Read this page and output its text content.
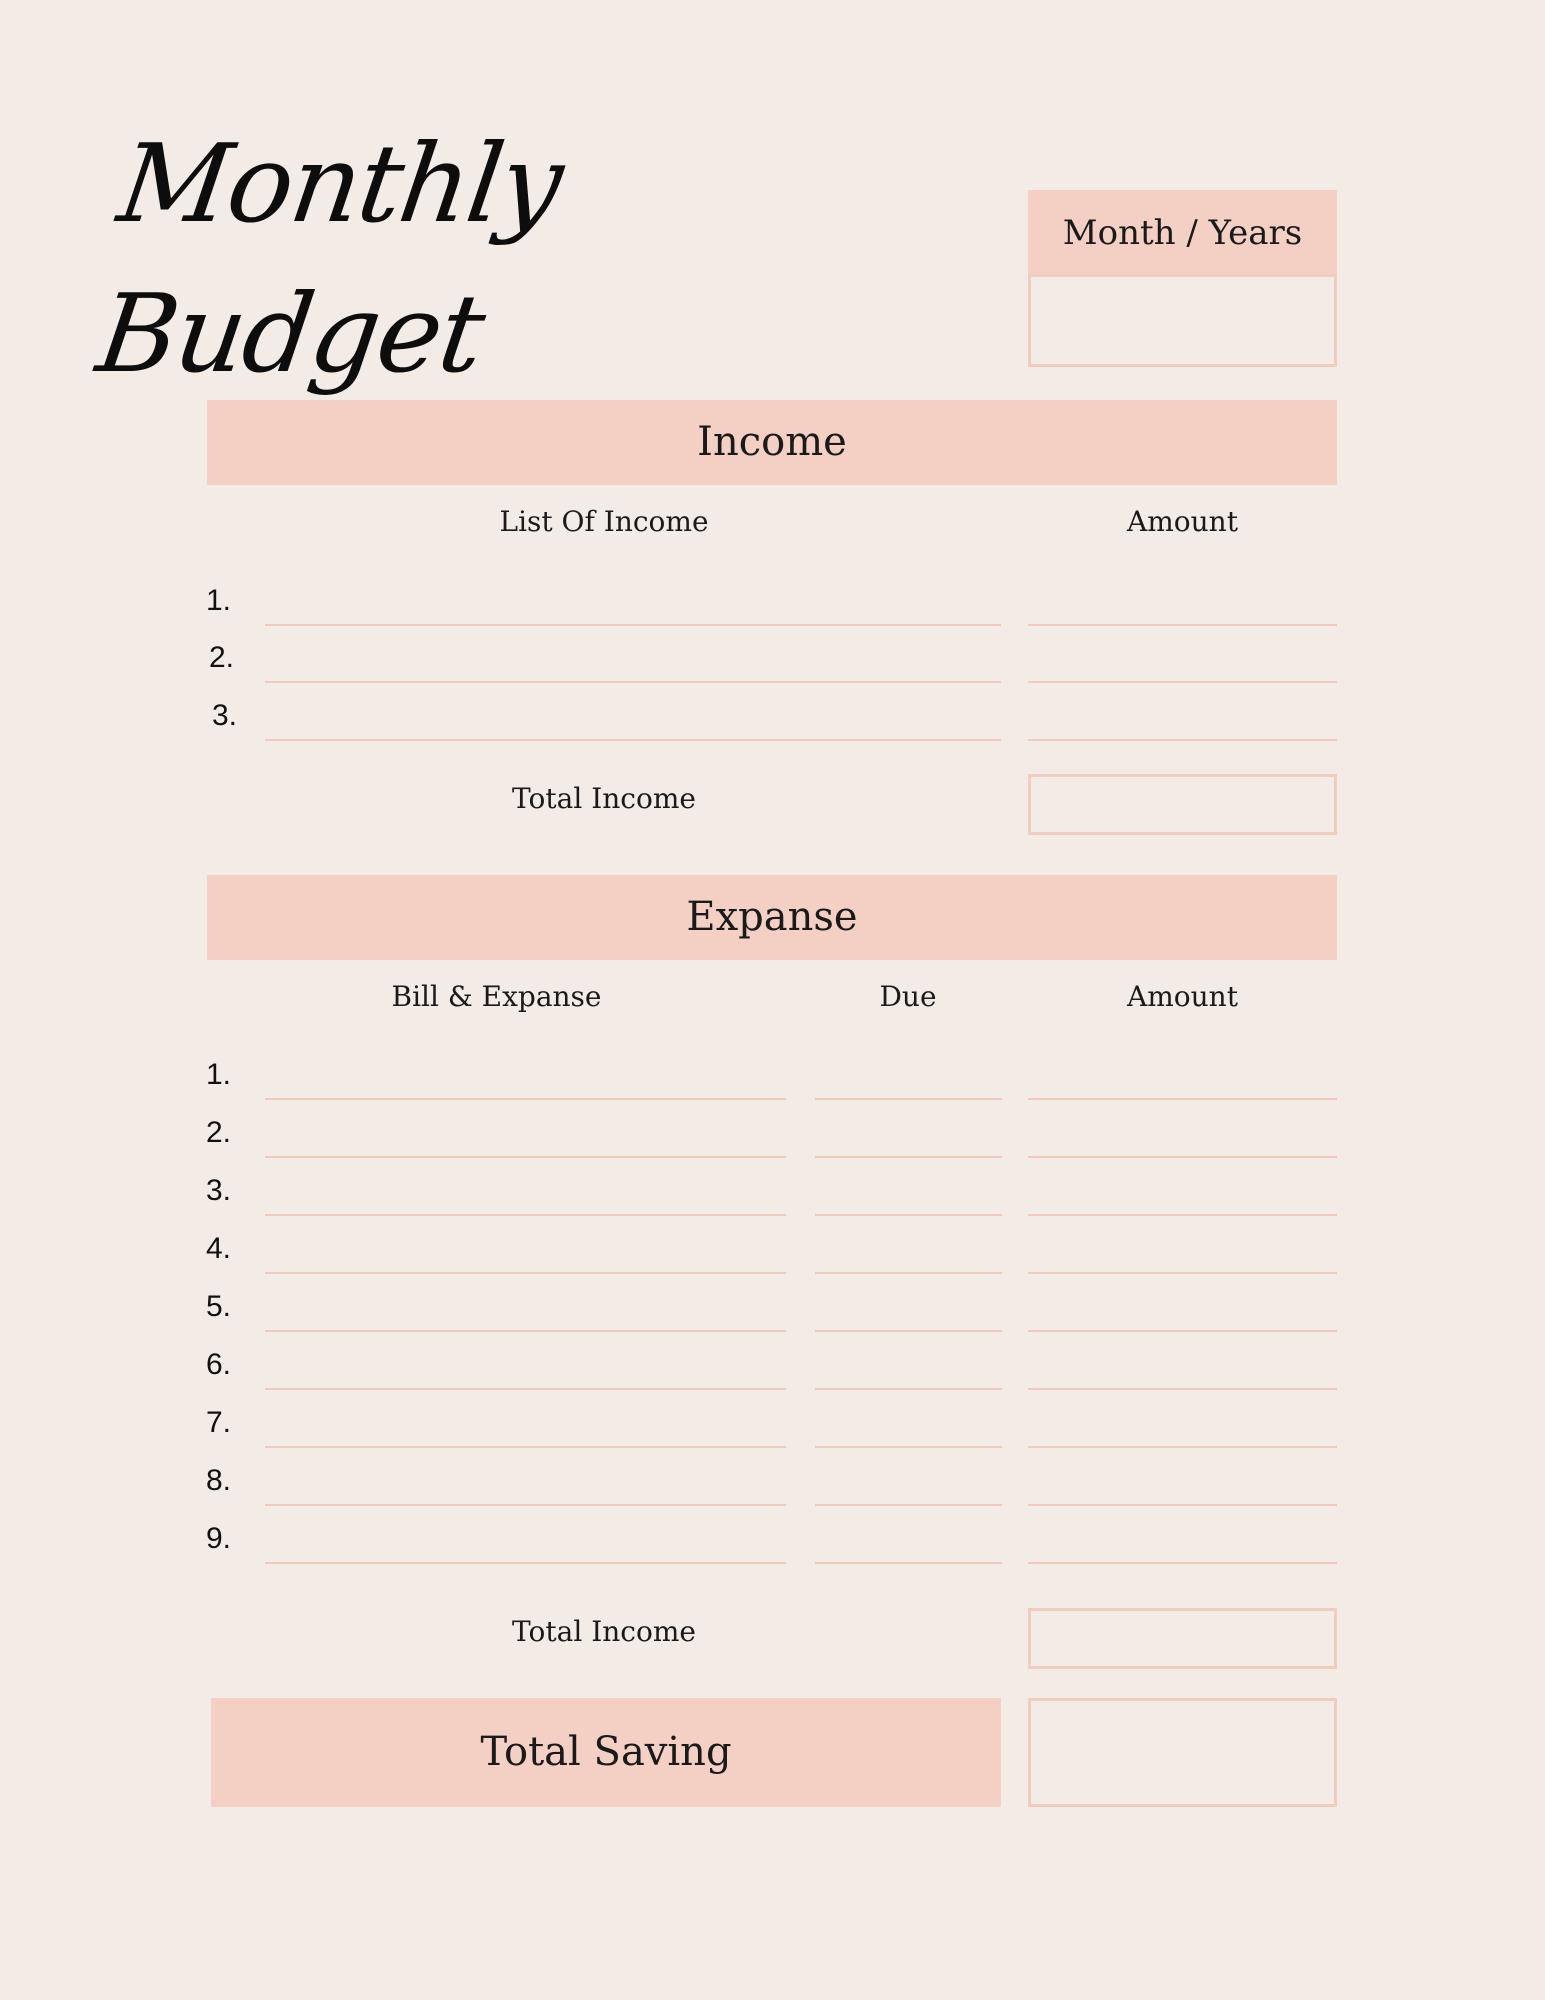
Monthly Budget
Month / Years
Income
List Of Income	Amount
1.
2.
3.
Total Income
Expanse
Bill & Expanse	Due	Amount
1.
2.
3.
4.
5.
6.
7.
8.
9.
Total Income
Total Saving
